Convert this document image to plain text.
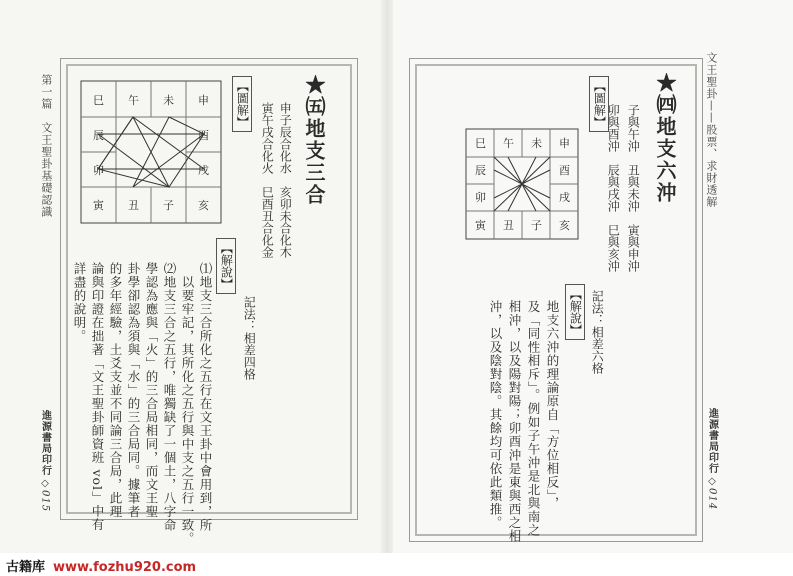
第一篇　文王聖卦基礎認識	★㈤地支三合
巳 午 未 申
酉
戌
寅 丑 子 亥
辰
卯
【圖解】 申子辰合化水　亥卯未合化木
寅午戌合化火　巳酉丑合化金
記法：相差四格
【解說】
⑴地支三合所化之五行在文王卦中會用到，所
　以要牢記，其所化之五行與中支之五行一致。
⑵地支三合之五行，唯獨缺了一個土，八字命
學認為應與「火」的三合局相同，而文王聖
卦學卻認為須與「水」的三合局同。據筆者
的多年經驗，土爻支並不同論三合局，此理
論與印證在拙著「文王聖卦師資班 vol」中有
詳盡的說明。
進源書局印行
◇015
文王聖卦——股票、求財透解
★㈣地支六沖
巳 午 未 申
酉
戌
寅 丑 子 亥
辰
卯
【圖解】 子與午沖　丑與未沖　寅與申沖
卯與酉沖　辰與戌沖　巳與亥沖
記法：相差六格
【解說】
地支六沖的理論原自「方位相反」，
及「同性相斥」。例如子午沖是北與南之
相沖，以及陽對陽；卯酉沖是東與西之相
沖，以及陰對陰。其餘均可依此類推。	進源書局印行
◇014
古籍库 www.fozhu920.com
